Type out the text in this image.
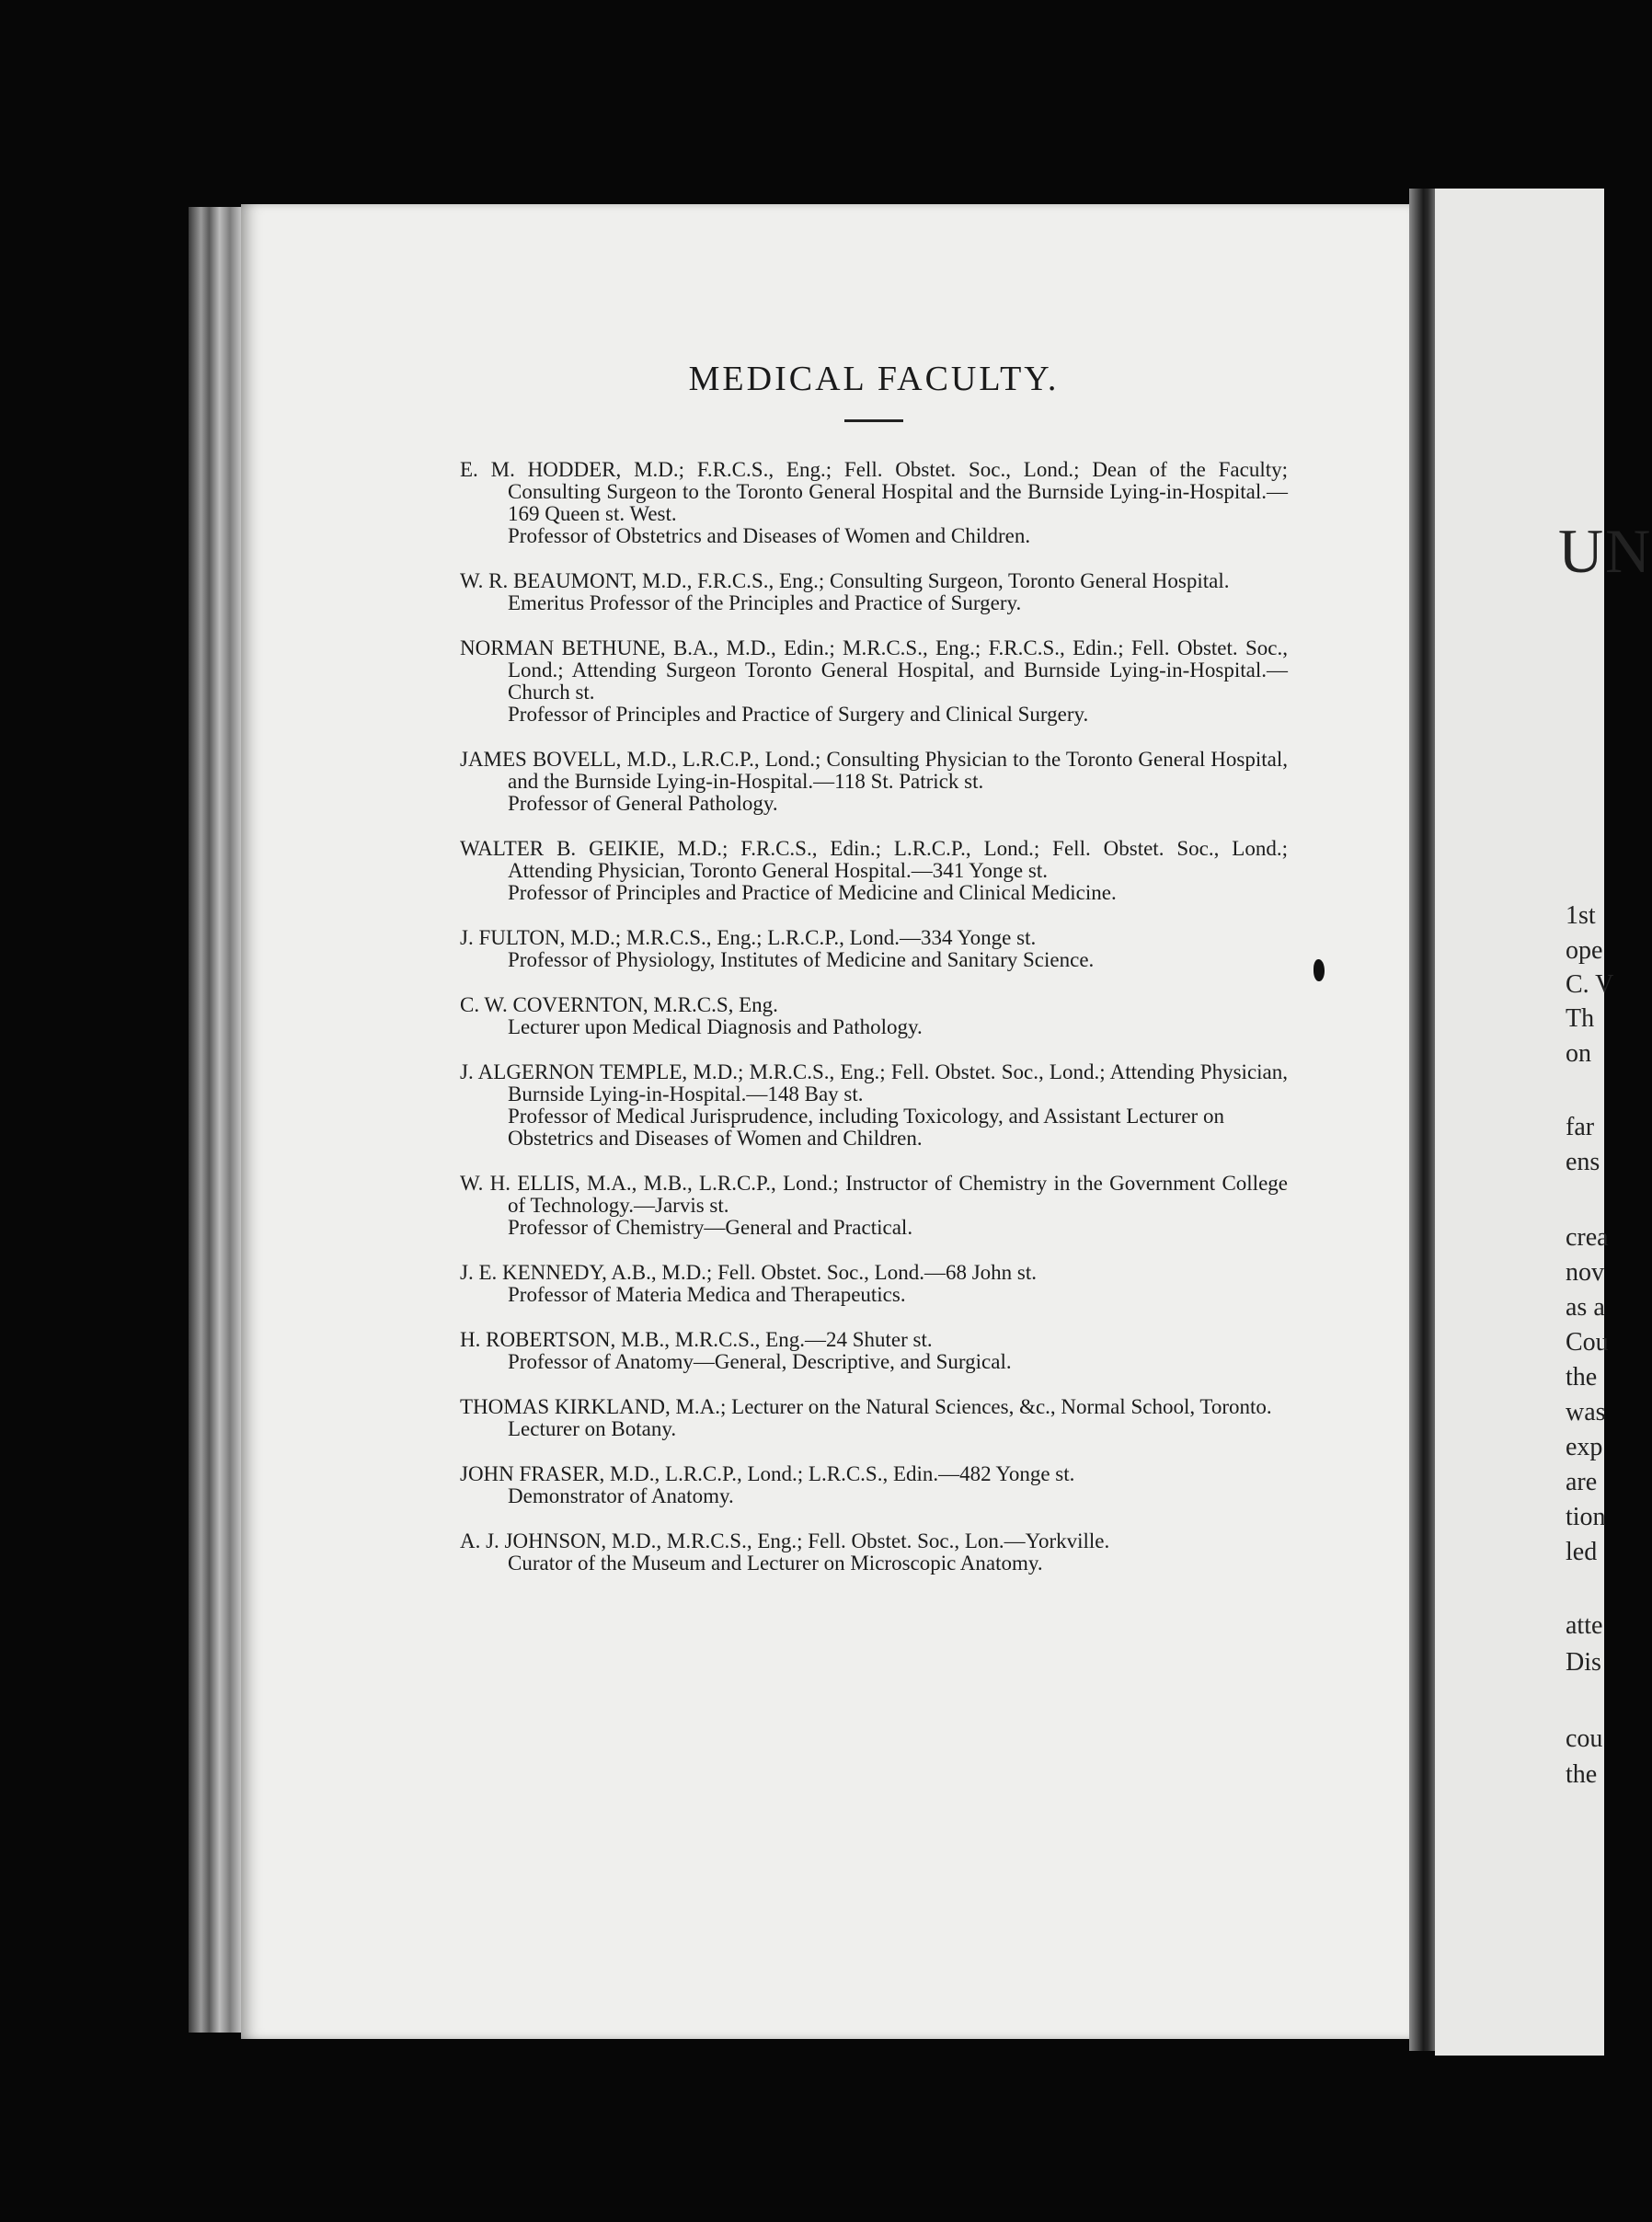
UN
1st
ope
C. V
Th
on
far
ens
crea
nov
as a
Cou
the
was
exp
are
tion
led
atte
Dis
cou
the
MEDICAL FACULTY.
E. M. HODDER, M.D.; F.R.C.S., Eng.; Fell. Obstet. Soc., Lond.; Dean of the Faculty; Consulting Surgeon to the Toronto General Hospital and the Burnside Lying-in-Hospital.—169 Queen st. West.
Professor of Obstetrics and Diseases of Women and Children.
W. R. BEAUMONT, M.D., F.R.C.S., Eng.; Consulting Surgeon, Toronto General Hospital.
Emeritus Professor of the Principles and Practice of Surgery.
NORMAN BETHUNE, B.A., M.D., Edin.; M.R.C.S., Eng.; F.R.C.S., Edin.; Fell. Obstet. Soc., Lond.; Attending Surgeon Toronto General Hospital, and Burnside Lying-in-Hospital.—Church st.
Professor of Principles and Practice of Surgery and Clinical Surgery.
JAMES BOVELL, M.D., L.R.C.P., Lond.; Consulting Physician to the Toronto General Hospital, and the Burnside Lying-in-Hospital.—118 St. Patrick st.
Professor of General Pathology.
WALTER B. GEIKIE, M.D.; F.R.C.S., Edin.; L.R.C.P., Lond.; Fell. Obstet. Soc., Lond.; Attending Physician, Toronto General Hospital.—341 Yonge st.
Professor of Principles and Practice of Medicine and Clinical Medicine.
J. FULTON, M.D.; M.R.C.S., Eng.; L.R.C.P., Lond.—334 Yonge st.
Professor of Physiology, Institutes of Medicine and Sanitary Science.
C. W. COVERNTON, M.R.C.S, Eng.
Lecturer upon Medical Diagnosis and Pathology.
J. ALGERNON TEMPLE, M.D.; M.R.C.S., Eng.; Fell. Obstet. Soc., Lond.; Attending Physician, Burnside Lying-in-Hospital.—148 Bay st.
Professor of Medical Jurisprudence, including Toxicology, and Assistant Lecturer on Obstetrics and Diseases of Women and Children.
W. H. ELLIS, M.A., M.B., L.R.C.P., Lond.; Instructor of Chemistry in the Government College of Technology.—Jarvis st.
Professor of Chemistry—General and Practical.
J. E. KENNEDY, A.B., M.D.; Fell. Obstet. Soc., Lond.—68 John st.
Professor of Materia Medica and Therapeutics.
H. ROBERTSON, M.B., M.R.C.S., Eng.—24 Shuter st.
Professor of Anatomy—General, Descriptive, and Surgical.
THOMAS KIRKLAND, M.A.; Lecturer on the Natural Sciences, &c., Normal School, Toronto.
Lecturer on Botany.
JOHN FRASER, M.D., L.R.C.P., Lond.; L.R.C.S., Edin.—482 Yonge st.
Demonstrator of Anatomy.
A. J. JOHNSON, M.D., M.R.C.S., Eng.; Fell. Obstet. Soc., Lon.—Yorkville.
Curator of the Museum and Lecturer on Microscopic Anatomy.
